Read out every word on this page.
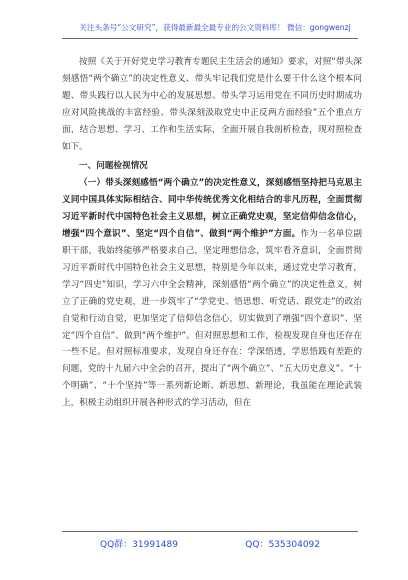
关注头条号“公文研究”，获得最新最全最专业的公文资料库！ 微信：gongwenzj

按照《关于开好党史学习教育专题民主生活会的通知》要求，对照“带头深刻感悟“两个确立”的决定性意义、带头牢记我们党是什么要干什么这个根本问题、带头践行以人民为中心的发展思想、带头学习运用党在不同历史时期成功应对风险挑战的丰富经验、带头深刻汲取党史中正反两方面经验”五个重点方面，结合思想、学习、工作和生活实际，全面开展自我剖析检查，现对照检查如下。

一、问题检视情况

（一）带头深刻感悟“两个确立”的决定性意义，深刻感悟坚持把马克思主义同中国具体实际相结合、同中华传统优秀文化相结合的非凡历程，全面贯彻习近平新时代中国特色社会主义思想，树立正确党史观，坚定信仰信念信心，增强“四个意识”、坚定“四个自信”、做到“两个维护”方面。作为一名单位副职干部，我始终能够严格要求自己，坚定理想信念，筑牢看齐意识，全面贯彻习近平新时代中国特色社会主义思想，特别是今年以来，通过党史学习教育，学习“四史”知识，学习六中全会精神，深刻感悟“两个确立”的决定性意义，树立了正确的党史观，进一步筑牢了“学党史、悟思想、听党话、跟党走”的政治自觉和行动自觉，更加坚定了信仰信念信心，切实做到了增强“四个意识”、坚定“四个自信”、做到“两个维护”。但对照思想和工作，检视发现自身也还存在一些不足。但对照标准要求，发现自身还存在：学深悟透，学思悟践有差距的问题，党的十九届六中全会的召开，提出了“两个确立”、“五大历史意义”、“十个明确”、“十个坚持”等一系列新论断、新思想、新理论，我虽能在理论武装上，积极主动组织开展各种形式的学习活动，但在

QQ群：31991489	QQ：535304092
